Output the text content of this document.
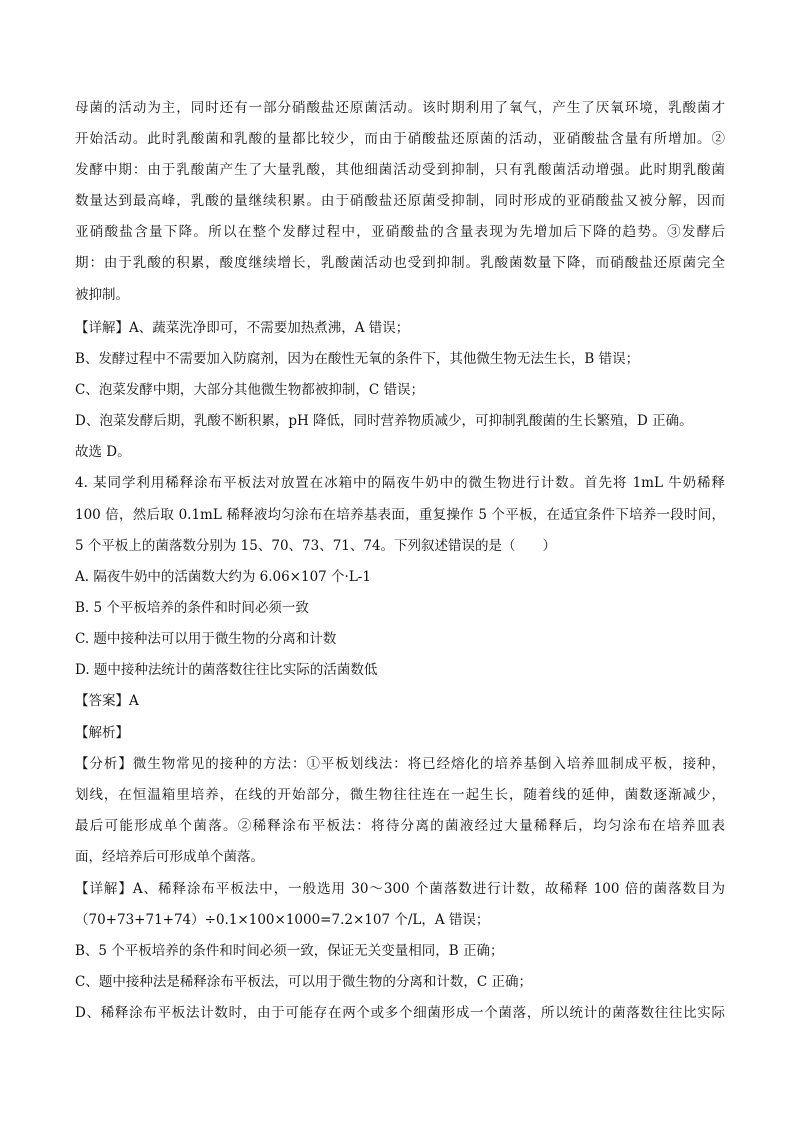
母菌的活动为主，同时还有一部分硝酸盐还原菌活动。该时期利用了氧气，产生了厌氧环境，乳酸菌才
开始活动。此时乳酸菌和乳酸的量都比较少，而由于硝酸盐还原菌的活动，亚硝酸盐含量有所增加。②
发酵中期：由于乳酸菌产生了大量乳酸，其他细菌活动受到抑制，只有乳酸菌活动增强。此时期乳酸菌
数量达到最高峰，乳酸的量继续积累。由于硝酸盐还原菌受抑制，同时形成的亚硝酸盐又被分解，因而
亚硝酸盐含量下降。所以在整个发酵过程中，亚硝酸盐的含量表现为先增加后下降的趋势。③发酵后
期：由于乳酸的积累，酸度继续增长，乳酸菌活动也受到抑制。乳酸菌数量下降，而硝酸盐还原菌完全
被抑制。
【详解】A、蔬菜洗净即可，不需要加热煮沸，A 错误；
B、发酵过程中不需要加入防腐剂，因为在酸性无氧的条件下，其他微生物无法生长，B 错误；
C、泡菜发酵中期，大部分其他微生物都被抑制，C 错误；
D、泡菜发酵后期，乳酸不断积累，pH 降低，同时营养物质减少，可抑制乳酸菌的生长繁殖，D 正确。
故选 D。
4. 某同学利用稀释涂布平板法对放置在冰箱中的隔夜牛奶中的微生物进行计数。首先将 1mL 牛奶稀释
100 倍，然后取 0.1mL 稀释液均匀涂布在培养基表面，重复操作 5 个平板，在适宜条件下培养一段时间，
5 个平板上的菌落数分别为 15、70、73、71、74。下列叙述错误的是（　　）
A. 隔夜牛奶中的活菌数大约为 6.06×107 个·L-1
B. 5 个平板培养的条件和时间必须一致
C. 题中接种法可以用于微生物的分离和计数
D. 题中接种法统计的菌落数往往比实际的活菌数低
【答案】A
【解析】
【分析】微生物常见的接种的方法：①平板划线法：将已经熔化的培养基倒入培养皿制成平板，接种，
划线，在恒温箱里培养，在线的开始部分，微生物往往连在一起生长，随着线的延伸，菌数逐渐减少，
最后可能形成单个菌落。②稀释涂布平板法：将待分离的菌液经过大量稀释后，均匀涂布在培养皿表
面，经培养后可形成单个菌落。
【详解】A、稀释涂布平板法中，一般选用 30～300 个菌落数进行计数，故稀释 100 倍的菌落数目为
（70+73+71+74）÷0.1×100×1000=7.2×107 个/L，A 错误；
B、5 个平板培养的条件和时间必须一致，保证无关变量相同，B 正确；
C、题中接种法是稀释涂布平板法，可以用于微生物的分离和计数，C 正确；
D、稀释涂布平板法计数时，由于可能存在两个或多个细菌形成一个菌落，所以统计的菌落数往往比实际
